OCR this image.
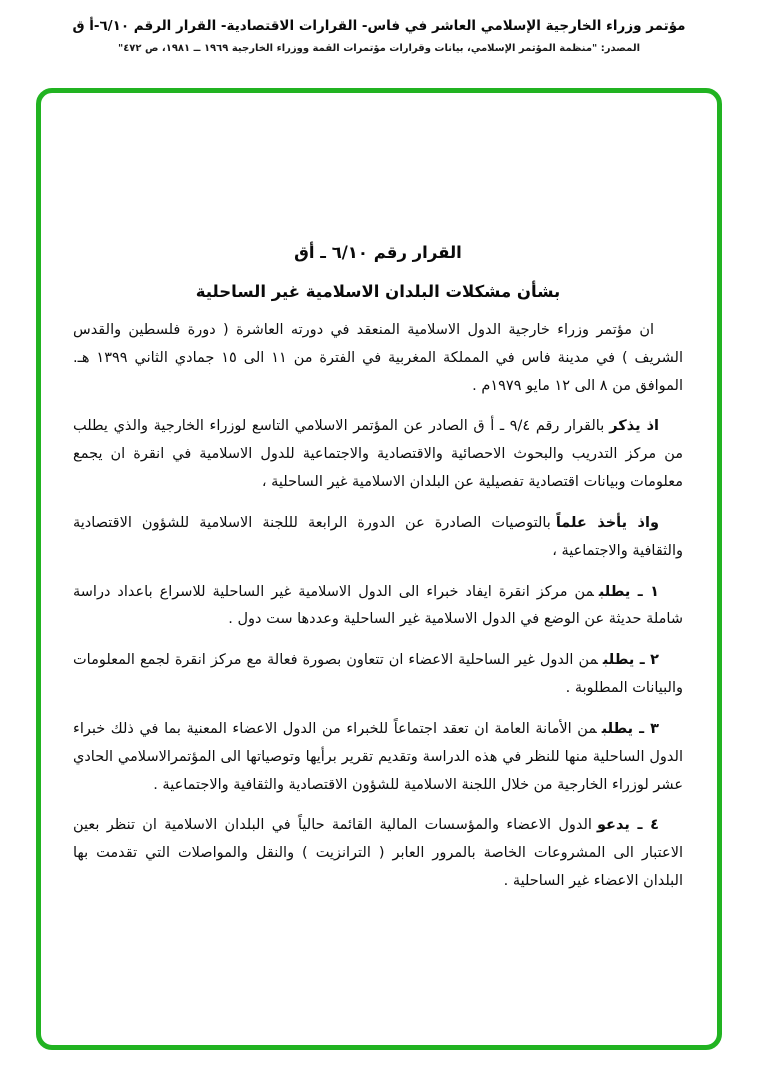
مؤتمر وزراء الخارجية الإسلامي العاشر في فاس- القرارات الاقتصادية- القرار الرقم ٦/١٠-أ ق
المصدر: "منظمة المؤتمر الإسلامي، بيانات وقرارات مؤتمرات القمة ووزراء الخارجية ١٩٦٩ ــ ١٩٨١، ص ٤٧٢"
القرار رقم ٦/١٠ ـ أق
بشأن مشكلات البلدان الاسلامية غير الساحلية

ان مؤتمر وزراء خارجية الدول الاسلامية المنعقد في دورته العاشرة ( دورة فلسطين والقدس الشريف ) في مدينة فاس في المملكة المغربية في الفترة من ١١ الى ١٥ جمادي الثاني ١٣٩٩ هـ. الموافق من ٨ الى ١٢ مايو ١٩٧٩م .

اذ يذكربالقرار رقم ٩/٤ ـ أ ق الصادر عن المؤتمر الاسلامي التاسع لوزراء الخارجية والذي يطلب من مركز التدريب والبحوث الاحصائية والاقتصادية والاجتماعية للدول الاسلامية في انقرة ان يجمع معلومات وبيانات اقتصادية تفصيلية عن البلدان الاسلامية غير الساحلية ،

واذ يأخذ علماًبالتوصيات الصادرة عن الدورة الرابعة لللجنة الاسلامية للشؤون الاقتصادية والثقافية والاجتماعية ،

١ ـ يطلبمن مركز انقرة ايفاد خبراء الى الدول الاسلامية غير الساحلية للاسراع باعداد دراسة شاملة حديثة عن الوضع في الدول الاسلامية غير الساحلية وعددها ست دول .

٢ ـ يطلبمن الدول غير الساحلية الاعضاء ان تتعاون بصورة فعالة مع مركز انقرة لجمع المعلومات والبيانات المطلوبة .

٣ ـ يطلبمن الأمانة العامة ان تعقد اجتماعاً للخبراء من الدول الاعضاء المعنية بما في ذلك خبراء الدول الساحلية منها للنظر في هذه الدراسة وتقديم تقرير برأيها وتوصياتها الى المؤتمرالاسلامي الحادي عشر لوزراء الخارجية من خلال اللجنة الاسلامية للشؤون الاقتصادية والثقافية والاجتماعية .

٤ ـ يدعوالدول الاعضاء والمؤسسات المالية القائمة حالياً في البلدان الاسلامية ان تنظر بعين الاعتبار الى المشروعات الخاصة بالمرور العابر ( الترانزيت ) والنقل والمواصلات التي تقدمت بها البلدان الاعضاء غير الساحلية .
